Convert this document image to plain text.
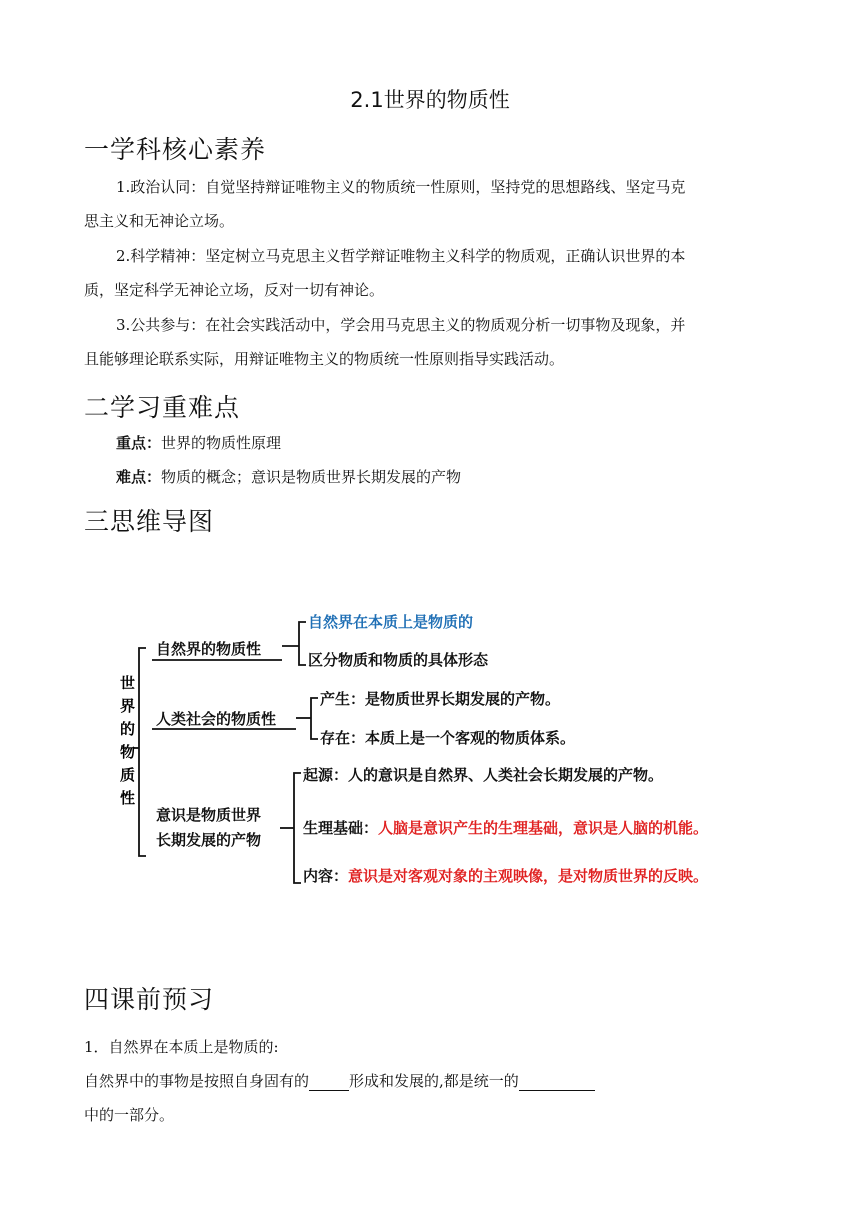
2.1世界的物质性
一学科核心素养
1.政治认同：自觉坚持辩证唯物主义的物质统一性原则，坚持党的思想路线、坚定马克
思主义和无神论立场。
2.科学精神：坚定树立马克思主义哲学辩证唯物主义科学的物质观，正确认识世界的本
质，坚定科学无神论立场，反对一切有神论。
3.公共参与：在社会实践活动中，学会用马克思主义的物质观分析一切事物及现象，并
且能够理论联系实际，用辩证唯物主义的物质统一性原则指导实践活动。
二学习重难点
重点：世界的物质性原理
难点：物质的概念；意识是物质世界长期发展的产物
三思维导图
世
界
的
物
质
性
自然界的物质性
自然界在本质上是物质的
区分物质和物质的具体形态
人类社会的物质性
产生：是物质世界长期发展的产物。
存在：本质上是一个客观的物质体系。
意识是物质世界
长期发展的产物
起源：人的意识是自然界、人类社会长期发展的产物。
生理基础：人脑是意识产生的生理基础，意识是人脑的机能。
内容：意识是对客观对象的主观映像，是对物质世界的反映。
四课前预习
1．自然界在本质上是物质的:
自然界中的事物是按照自身固有的	形成和发展的,都是统一的
中的一部分。
